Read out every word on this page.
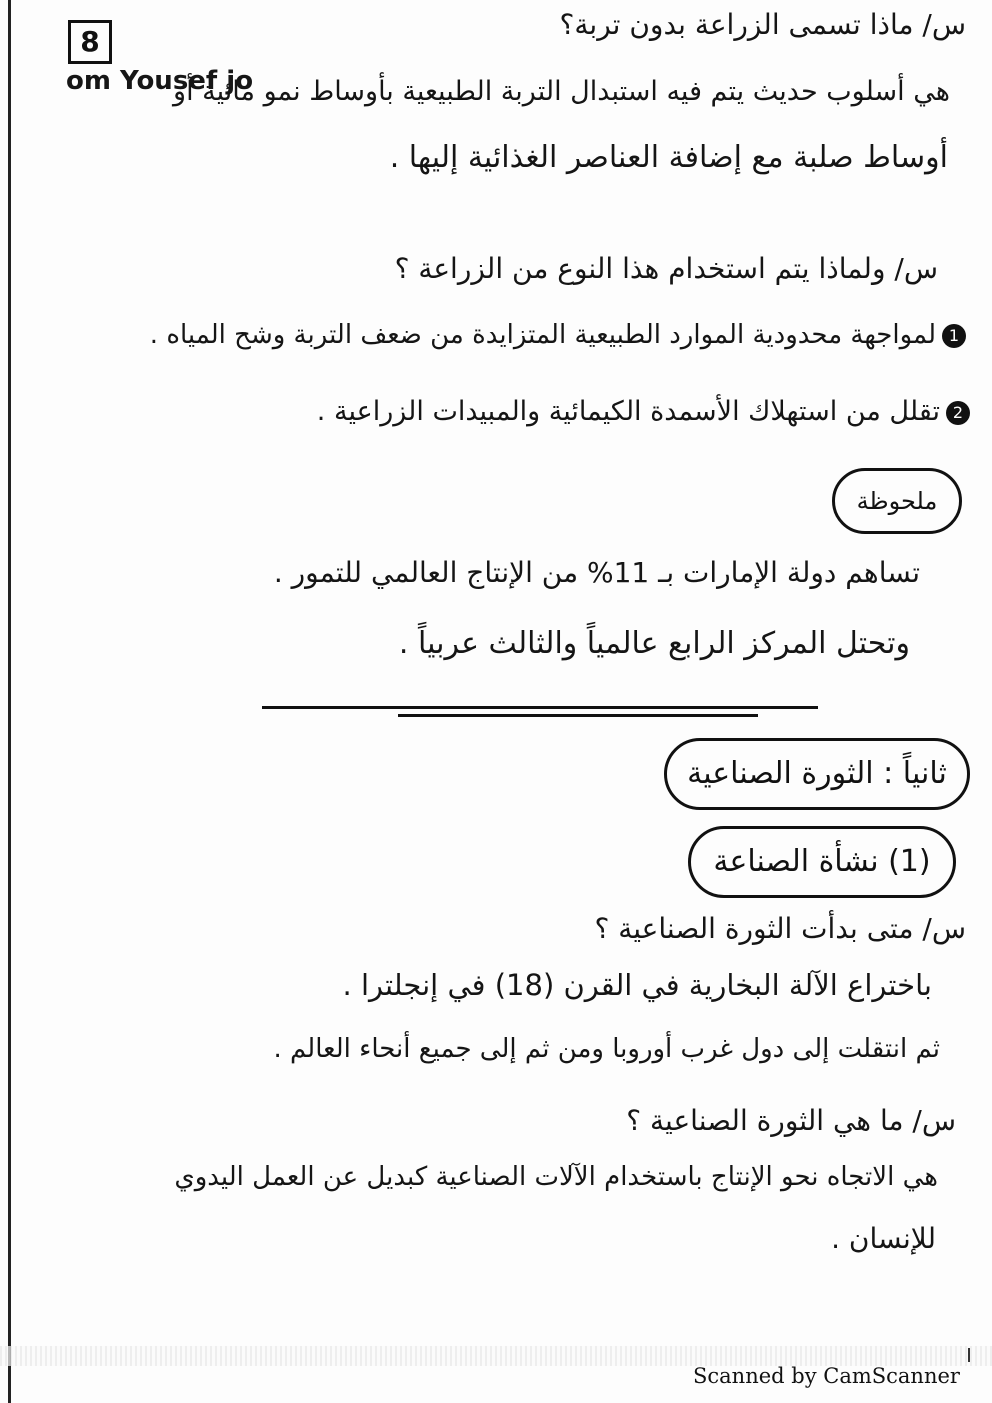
8
om Yousef jo
س/ ماذا تسمى الزراعة بدون تربة؟
هي أسلوب حديث يتم فيه استبدال التربة الطبيعية بأوساط نمو مائية أو
أوساط صلبة مع إضافة العناصر الغذائية إليها .
س/ ولماذا يتم استخدام هذا النوع من الزراعة ؟
1لمواجهة محدودية الموارد الطبيعية المتزايدة من ضعف التربة وشح المياه .
2تقلل من استهلاك الأسمدة الكيمائية والمبيدات الزراعية .
ملحوظة
تساهم دولة الإمارات بـ 11% من الإنتاج العالمي للتمور .
وتحتل المركز الرابع عالمياً والثالث عربياً .
ثانياً : الثورة الصناعية
(1) نشأة الصناعة
س/ متى بدأت الثورة الصناعية ؟
باختراع الآلة البخارية في القرن (18) في إنجلترا .
ثم انتقلت إلى دول غرب أوروبا ومن ثم إلى جميع أنحاء العالم .
س/ ما هي الثورة الصناعية ؟
هي الاتجاه نحو الإنتاج باستخدام الآلات الصناعية كبديل عن العمل اليدوي
للإنسان .
Scanned by CamScanner
